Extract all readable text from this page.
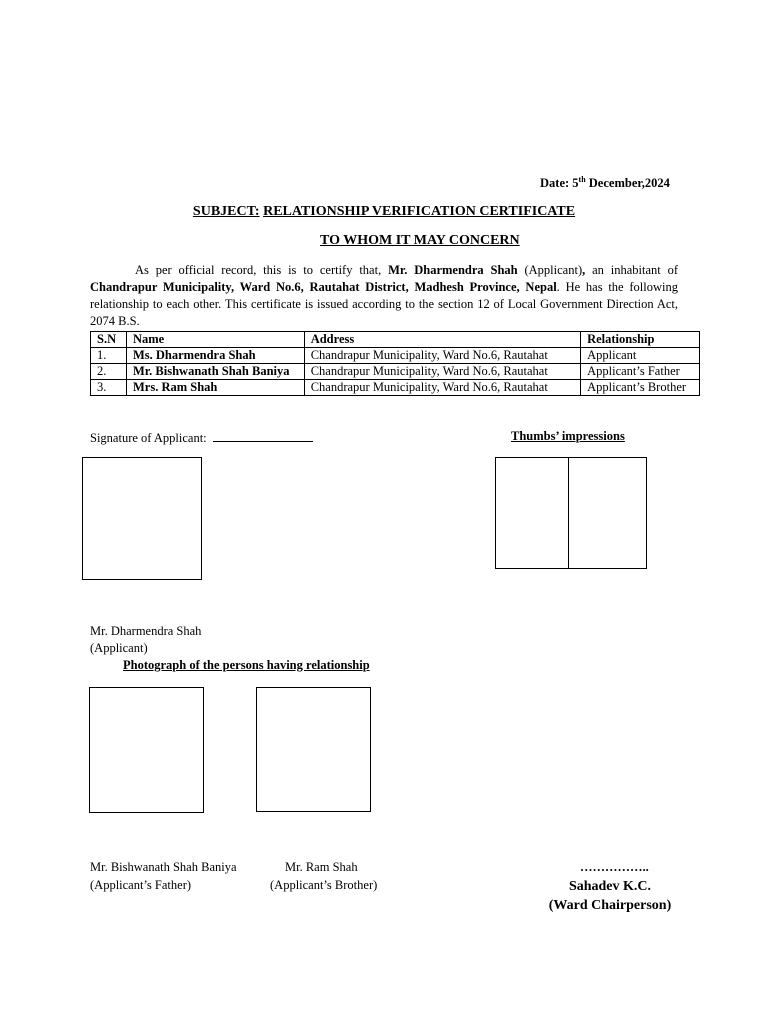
Date: 5th December,2024
SUBJECT: RELATIONSHIP VERIFICATION CERTIFICATE
TO WHOM IT MAY CONCERN
As per official record, this is to certify that, Mr. Dharmendra Shah (Applicant), an inhabitant of Chandrapur Municipality, Ward No.6, Rautahat District, Madhesh Province, Nepal. He has the following relationship to each other. This certificate is issued according to the section 12 of Local Government Direction Act, 2074 B.S.
S.N	Name	Address	Relationship
1.	Ms. Dharmendra Shah	Chandrapur Municipality, Ward No.6, Rautahat	Applicant
2.	Mr. Bishwanath Shah Baniya	Chandrapur Municipality, Ward No.6, Rautahat	Applicant’s Father
3.	Mrs. Ram Shah	Chandrapur Municipality, Ward No.6, Rautahat	Applicant’s Brother
Signature of Applicant:	Thumbs’ impressions
Mr. Dharmendra Shah
(Applicant)
Photograph of the persons having relationship
Mr. Bishwanath Shah Baniya
(Applicant’s Father)
Mr. Ram Shah
(Applicant’s Brother)
……………..
Sahadev K.C.
(Ward Chairperson)
